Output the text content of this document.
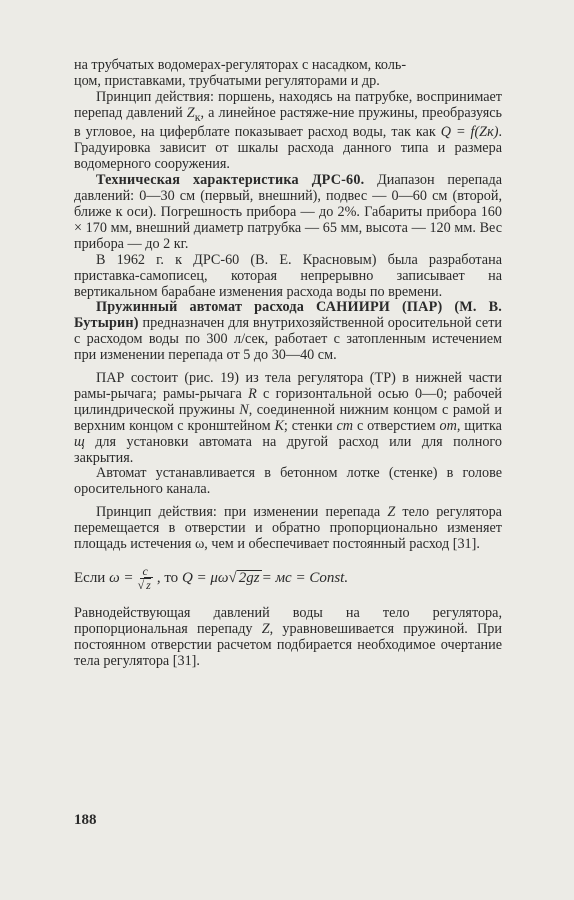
на трубчатых водомерах-регуляторах с насадком, коль-
цом, приставками, трубчатыми регуляторами и др.

Принцип действия: поршень, находясь на патрубке, воспринимает перепад давлений $Z_к$, а линейное растяже-ние пружины, преобразуясь в угловое, на циферблате показывает расход воды, так как Q = f(Zк). Градуировка зависит от шкалы расхода данного типа и размера водомерного сооружения.

Техническая характеристика ДРС-60. Диапазон перепада давлений: 0—30 см (первый, внешний), подвес — 0—60 см (второй, ближе к оси). Погрешность прибора — до 2%. Габариты прибора 160 × 170 мм, внешний диаметр патрубка — 65 мм, высота — 120 мм. Вес прибора — до 2 кг.

В 1962 г. к ДРС-60 (В. Е. Красновым) была разработана приставка-самописец, которая непрерывно записывает на вертикальном барабане изменения расхода воды по времени.

Пружинный автомат расхода САНИИРИ (ПАР) (М. В. Бутырин) предназначен для внутрихозяйственной оросительной сети с расходом воды по 300 л/сек, работает с затопленным истечением при изменении перепада от 5 до 30—40 см.

ПАР состоит (рис. 19) из тела регулятора (ТР) в нижней части рамы-рычага; рамы-рычага R с горизонтальной осью 0—0; рабочей цилиндрической пружины N, соединенной нижним концом с рамой и верхним концом с кронштейном К; стенки ст с отверстием от, щитка щ для установки автомата на другой расход или для полного закрытия.

Автомат устанавливается в бетонном лотке (стенке) в голове оросительного канала.

Принцип действия: при изменении перепада Z тело регулятора перемещается в отверстии и обратно пропорционально изменяет площадь истечения ω, чем и обеспечивает постоянный расход [31].

Если
$\omega = \frac{c}{√ z}$ , то
Q = μω √ 2gz = мс = Const.

Равнодействующая давлений воды на тело регулятора, пропорциональная перепаду Z, уравновешивается пружиной. При постоянном отверстии расчетом подбирается необходимое очертание тела регулятора [31].

188
